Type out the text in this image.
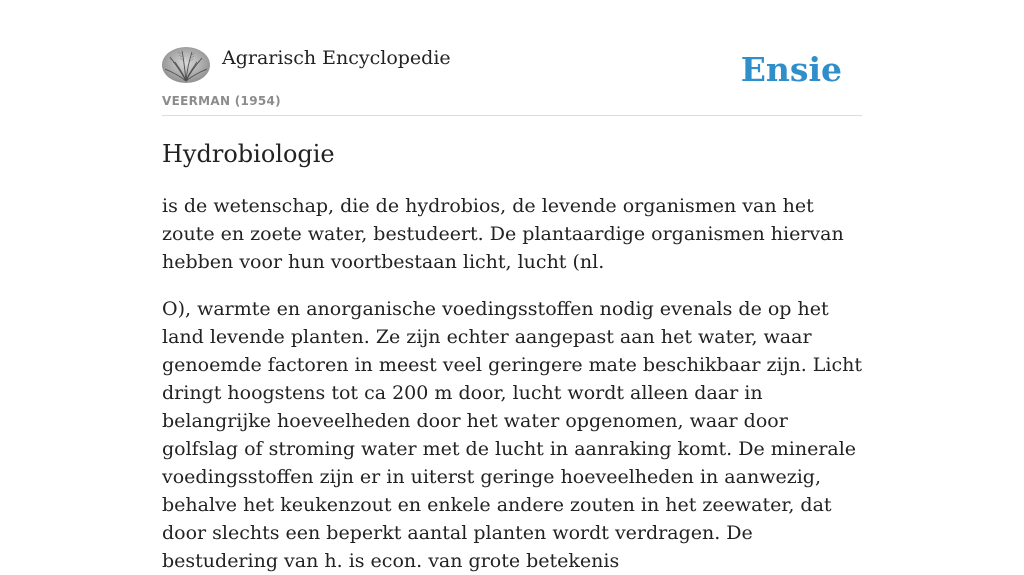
Agrarisch Encyclopedie
VEERMAN (1954)
Ensie
Hydrobiologie

is de wetenschap, die de hydrobios, de levende organismen van het zoute en zoete water, bestudeert. De plantaardige organismen hiervan hebben voor hun voortbestaan licht, lucht (nl.

O), warmte en anorganische voedingsstoffen nodig evenals de op het land levende planten. Ze zijn echter aangepast aan het water, waar genoemde factoren in meest veel geringere mate beschikbaar zijn. Licht dringt hoogstens tot ca 200 m door, lucht wordt alleen daar in belangrijke hoeveelheden door het water opgenomen, waar door golfslag of stroming water met de lucht in aanraking komt. De minerale voedingsstoffen zijn er in uiterst geringe hoeveelheden in aanwezig, behalve het keukenzout en enkele andere zouten in het zeewater, dat door slechts een beperkt aantal planten wordt verdragen. De bestudering van h. is econ. van grote betekenis
